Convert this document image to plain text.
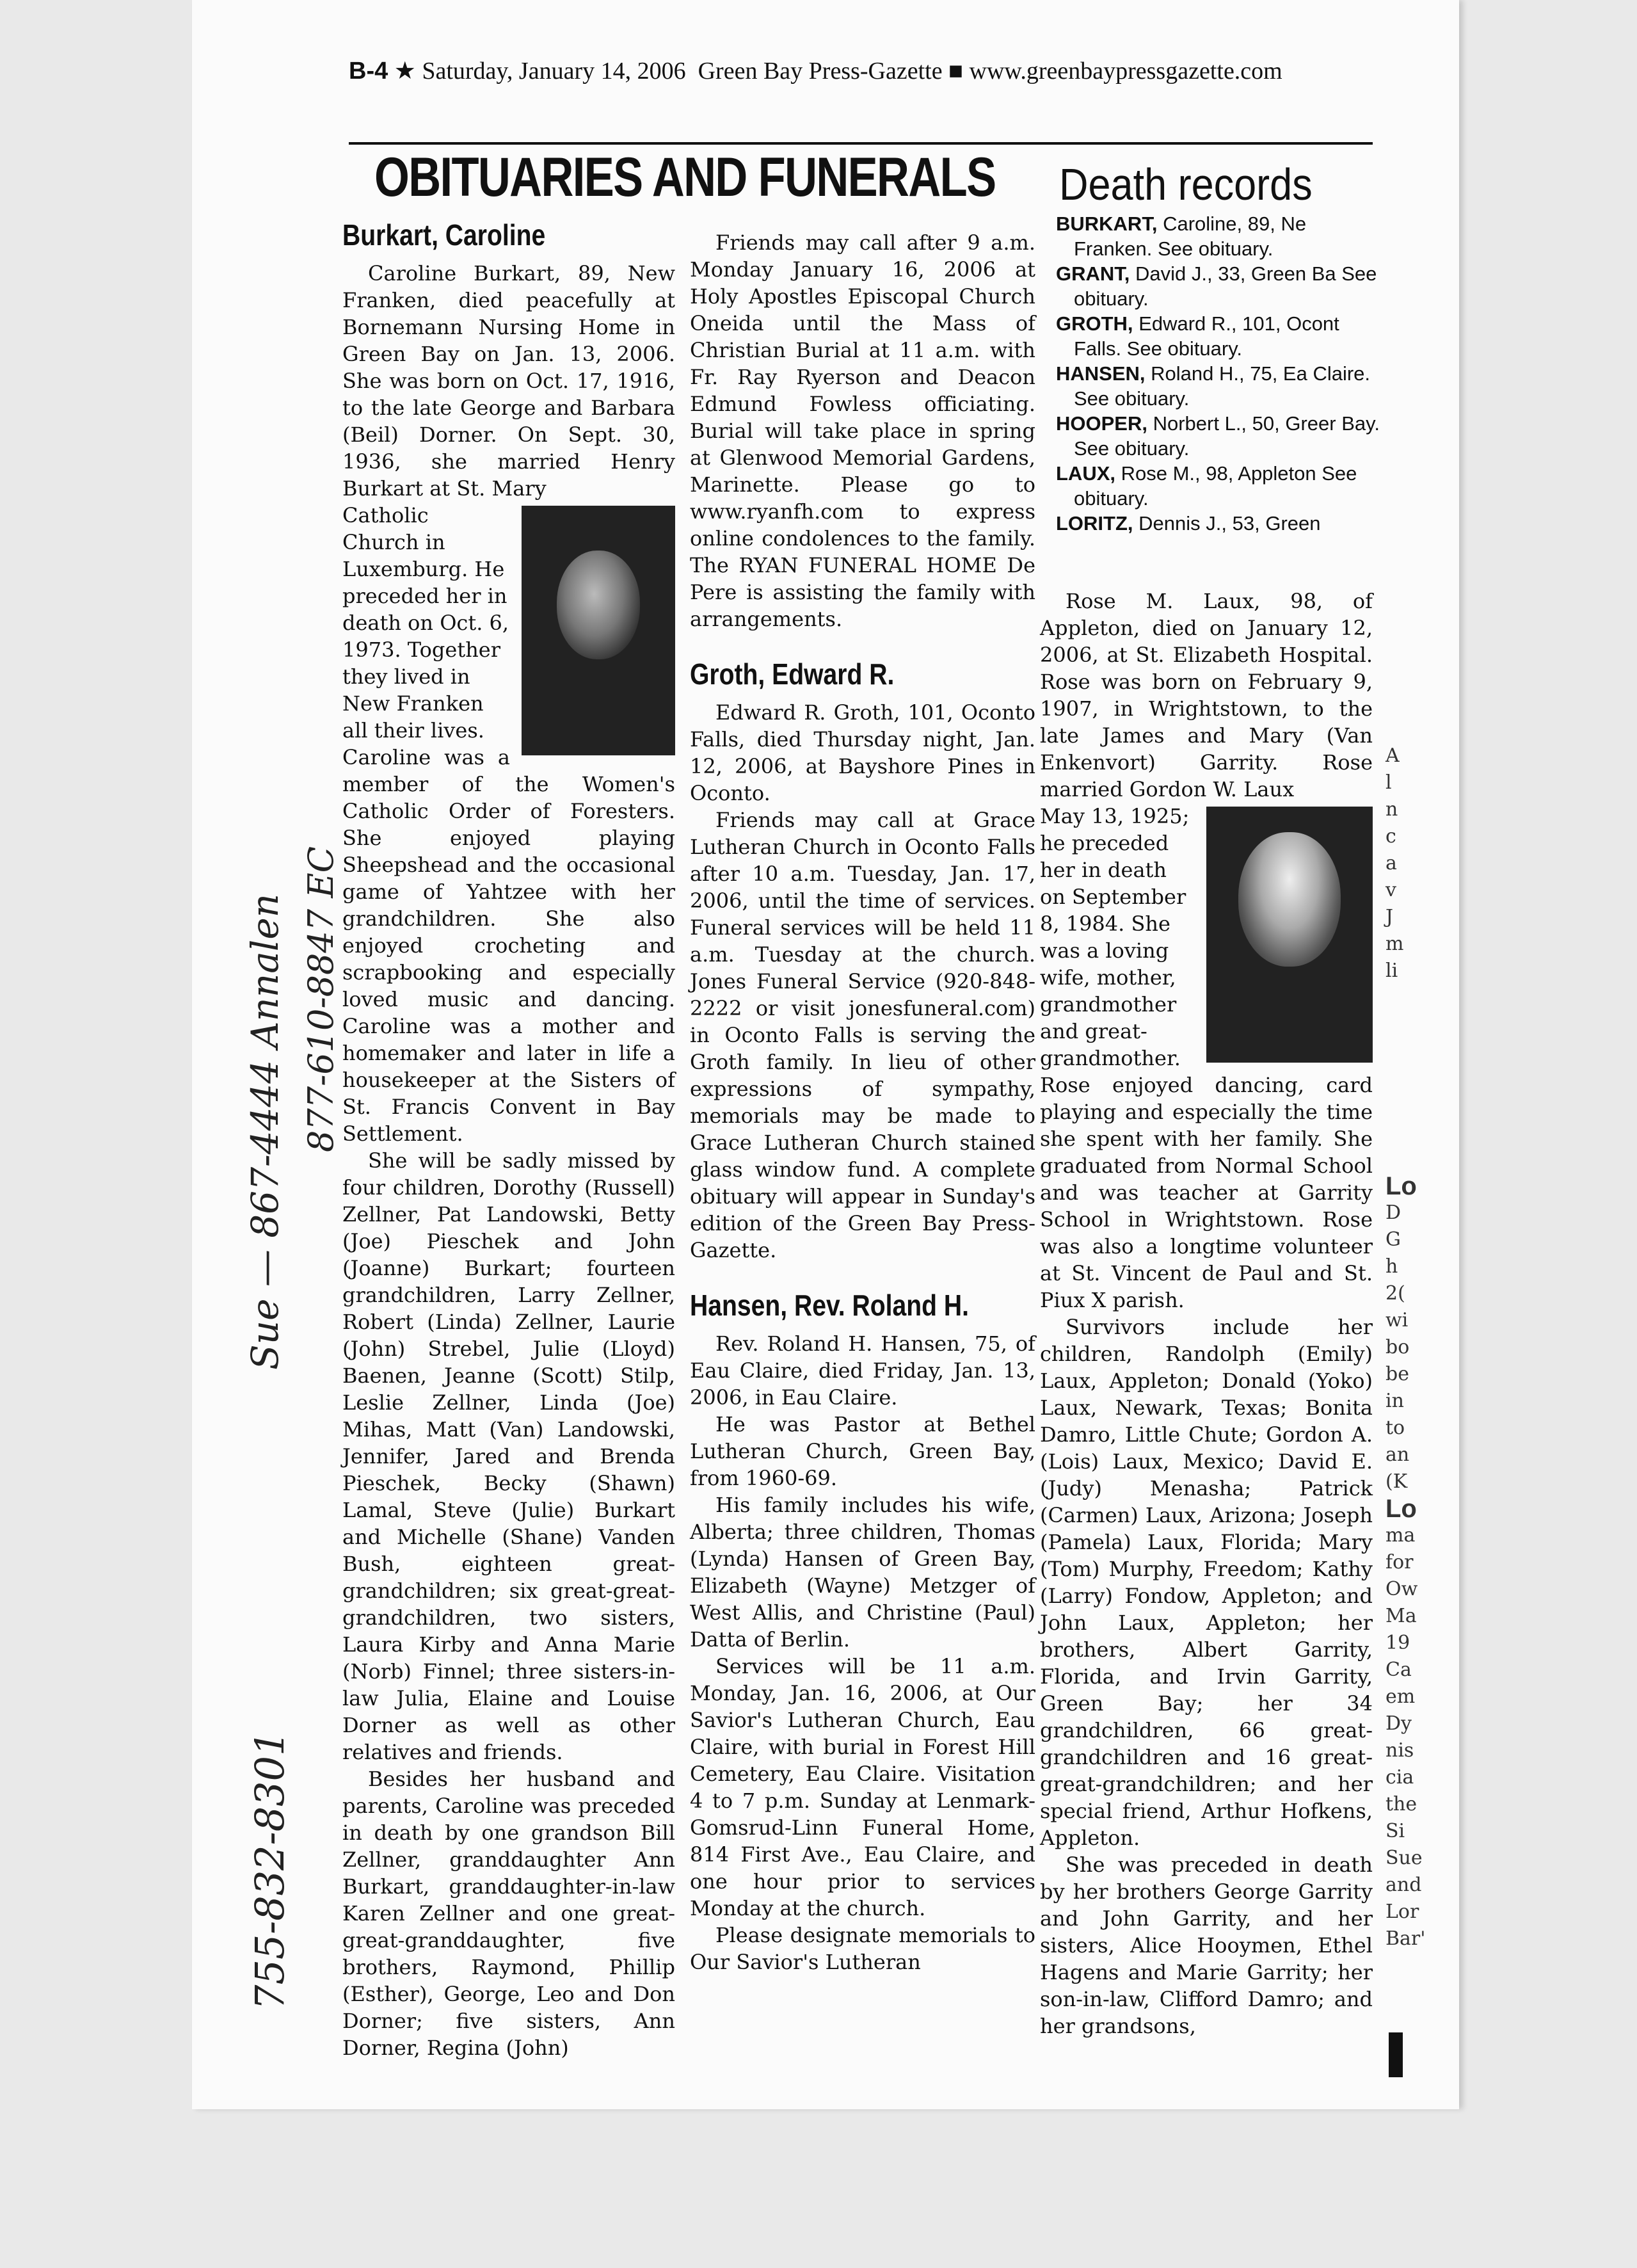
B-4 ★ Saturday, January 14, 2006 Green Bay Press-Gazette ■ www.greenbaypressgazette.com
OBITUARIES AND FUNERALS Death records
Burkart, Caroline

Caroline Burkart, 89, New Franken, died peacefully at Bornemann Nursing Home in Green Bay on Jan. 13, 2006. She was born on Oct. 17, 1916, to the late George and Barbara (Beil) Dorner. On Sept. 30, 1936, she married Henry Burkart at St. Mary

Catholic Church in Luxemburg. He preceded her in death on Oct. 6, 1973. Together they lived in New Franken all their lives.

Caroline was a member of the Women's Catholic Order of Foresters. She enjoyed playing Sheepshead and the occasional game of Yahtzee with her grandchildren. She also enjoyed crocheting and scrapbooking and especially loved music and dancing. Caroline was a mother and homemaker and later in life a housekeeper at the Sisters of St. Francis Convent in Bay Settlement.

She will be sadly missed by four children, Dorothy (Russell) Zellner, Pat Landowski, Betty (Joe) Pieschek and John (Joanne) Burkart; fourteen grandchildren, Larry Zellner, Robert (Linda) Zellner, Laurie (John) Strebel, Julie (Lloyd) Baenen, Jeanne (Scott) Stilp, Leslie Zellner, Linda (Joe) Mihas, Matt (Van) Landowski, Jennifer, Jared and Brenda Pieschek, Becky (Shawn) Lamal, Steve (Julie) Burkart and Michelle (Shane) Vanden Bush, eighteen great-grandchildren; six great-great-grandchildren, two sisters, Laura Kirby and Anna Marie (Norb) Finnel; three sisters-in-law Julia, Elaine and Louise Dorner as well as other relatives and friends.

Besides her husband and parents, Caroline was preceded in death by one grandson Bill Zellner, granddaughter Ann Burkart, granddaughter-in-law Karen Zellner and one great-great-granddaughter, five brothers, Raymond, Phillip (Esther), George, Leo and Don Dorner; five sisters, Ann Dorner, Regina (John)

Friends may call after 9 a.m. Monday January 16, 2006 at Holy Apostles Episcopal Church Oneida until the Mass of Christian Burial at 11 a.m. with Fr. Ray Ryerson and Deacon Edmund Fowless officiating. Burial will take place in spring at Glenwood Memorial Gardens, Marinette. Please go to www.ryanfh.com to express online condolences to the family. The RYAN FUNERAL HOME De Pere is assisting the family with arrangements.

Groth, Edward R.

Edward R. Groth, 101, Oconto Falls, died Thursday night, Jan. 12, 2006, at Bayshore Pines in Oconto.

Friends may call at Grace Lutheran Church in Oconto Falls after 10 a.m. Tuesday, Jan. 17, 2006, until the time of services. Funeral services will be held 11 a.m. Tuesday at the church. Jones Funeral Service (920-848-2222 or visit jonesfuneral.com) in Oconto Falls is serving the Groth family. In lieu of other expressions of sympathy, memorials may be made to Grace Lutheran Church stained glass window fund. A complete obituary will appear in Sunday's edition of the Green Bay Press-Gazette.

Hansen, Rev. Roland H.

Rev. Roland H. Hansen, 75, of Eau Claire, died Friday, Jan. 13, 2006, in Eau Claire.

He was Pastor at Bethel Lutheran Church, Green Bay, from 1960-69.

His family includes his wife, Alberta; three children, Thomas (Lynda) Hansen of Green Bay, Elizabeth (Wayne) Metzger of West Allis, and Christine (Paul) Datta of Berlin.

Services will be 11 a.m. Monday, Jan. 16, 2006, at Our Savior's Lutheran Church, Eau Claire, with burial in Forest Hill Cemetery, Eau Claire. Visitation 4 to 7 p.m. Sunday at Lenmark-Gomsrud-Linn Funeral Home, 814 First Ave., Eau Claire, and one hour prior to services Monday at the church.

Please designate memorials to Our Savior's Lutheran

BURKART, Caroline, 89, Ne Franken. See obituary.

GRANT, David J., 33, Green Ba See obituary.

GROTH, Edward R., 101, Ocont Falls. See obituary.

HANSEN, Roland H., 75, Ea Claire. See obituary.

HOOPER, Norbert L., 50, Greer Bay. See obituary.

LAUX, Rose M., 98, Appleton See obituary.

LORITZ, Dennis J., 53, Green

Rose M. Laux, 98, of Appleton, died on January 12, 2006, at St. Elizabeth Hospital. Rose was born on February 9, 1907, in Wrightstown, to the late James and Mary (Van Enkenvort) Garrity. Rose married Gordon W. Laux

May 13, 1925; he preceded her in death on September 8, 1984. She was a loving wife, mother, grandmother and great-grandmother.

Rose enjoyed dancing, card playing and especially the time she spent with her family. She graduated from Normal School and was teacher at Garrity School in Wrightstown. Rose was also a longtime volunteer at St. Vincent de Paul and St. Piux X parish.

Survivors include her children, Randolph (Emily) Laux, Appleton; Donald (Yoko) Laux, Newark, Texas; Bonita Damro, Little Chute; Gordon A. (Lois) Laux, Mexico; David E. (Judy) Menasha; Patrick (Carmen) Laux, Arizona; Joseph (Pamela) Laux, Florida; Mary (Tom) Murphy, Freedom; Kathy (Larry) Fondow, Appleton; and John Laux, Appleton; her brothers, Albert Garrity, Florida, and Irvin Garrity, Green Bay; her 34 grandchildren, 66 great-grandchildren and 16 great-great-grandchildren; and her special friend, Arthur Hofkens, Appleton.

She was preceded in death by her brothers George Garrity and John Garrity, and her sisters, Alice Hooymen, Ethel Hagens and Marie Garrity; her son-in-law, Clifford Damro; and her grandsons,

A
l
n
c
a
v
J
m
li

Lo
D
G
h
2(
wi
bo
be
in
to
an
(K
Lo
ma
for
Ow
Ma
19
Ca
em
Dy
nis
cia
the
Si
Sue
and
Lor
Bar'
755-832-8301
Sue — 867-4444 Annalen 877-610-8847 EC
